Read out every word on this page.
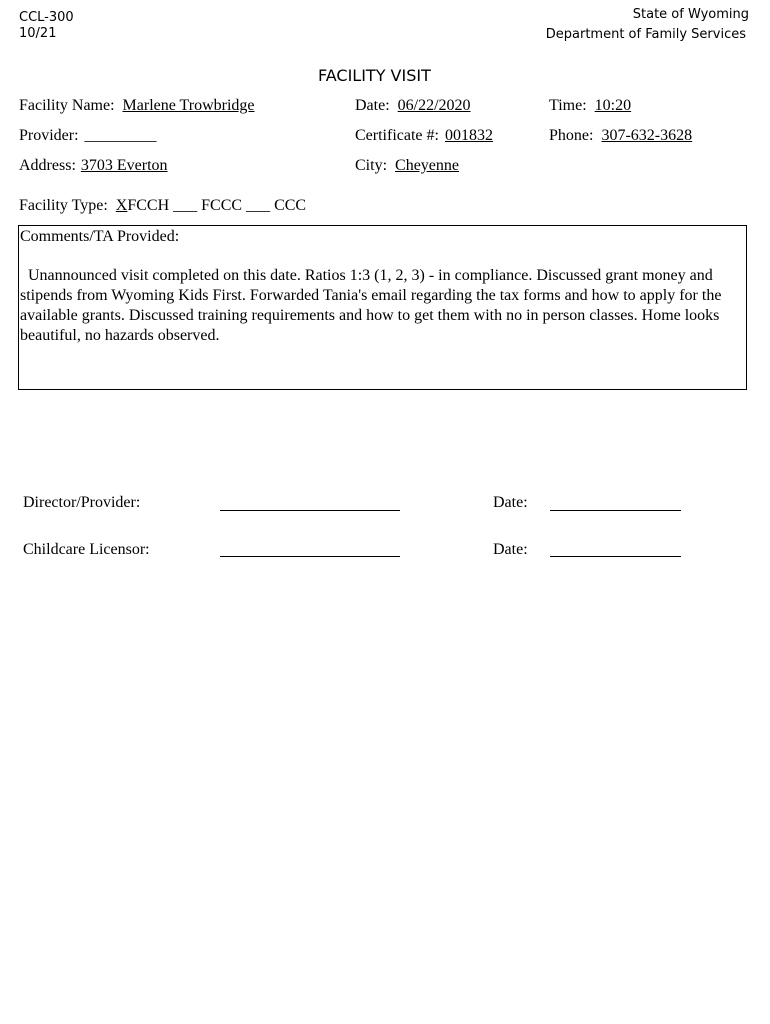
CCL-300
10/21
State of Wyoming
Department of Family Services
FACILITY VISIT
Facility Name: Marlene Trowbridge	Date: 06/22/2020	Time: 10:20
Provider: _________	Certificate #: 001832	Phone: 307-632-3628
Address: 3703 Everton	City: Cheyenne
Facility Type: XFCCH ___ FCCC ___ CCC
Comments/TA Provided:
Unannounced visit completed on this date. Ratios 1:3 (1, 2, 3) - in compliance. Discussed grant money and stipends from Wyoming Kids First. Forwarded Tania's email regarding the tax forms and how to apply for the available grants. Discussed training requirements and how to get them with no in person classes. Home looks beautiful, no hazards observed.
Director/Provider:	Date:
Childcare Licensor:	Date:
